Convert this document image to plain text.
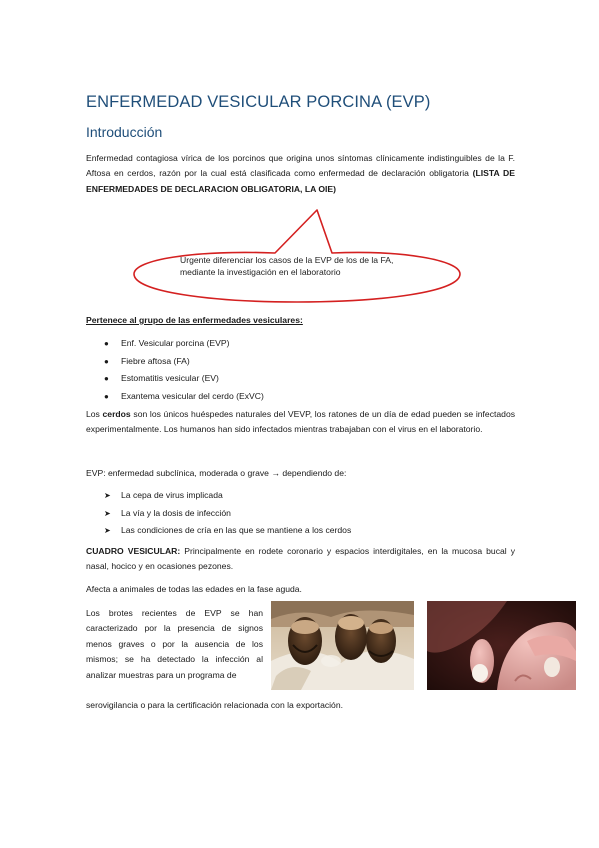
ENFERMEDAD VESICULAR PORCINA (EVP)
Introducción
Enfermedad contagiosa vírica de los porcinos que origina unos síntomas clínicamente indistinguibles de la F. Aftosa en cerdos, razón por la cual está clasificada como enfermedad de declaración obligatoria (LISTA DE ENFERMEDADES DE DECLARACION OBLIGATORIA, LA OIE)
Urgente diferenciar los casos de la EVP de los de la FA, mediante la investigación en el laboratorio
Pertenece al grupo de las enfermedades vesiculares:
● Enf. Vesicular porcina (EVP)
● Fiebre aftosa (FA)
● Estomatitis vesicular (EV)
● Exantema vesicular del cerdo (ExVC)
Los cerdos son los únicos huéspedes naturales del VEVP, los ratones de un día de edad pueden se infectados experimentalmente. Los humanos han sido infectados mientras trabajaban con el virus en el laboratorio.
EVP: enfermedad subclínica, moderada o grave → dependiendo de:
➤ La cepa de virus implicada
➤ La vía y la dosis de infección
➤ Las condiciones de cría en las que se mantiene a los cerdos
CUADRO VESICULAR: Principalmente en rodete coronario y espacios interdigitales, en la mucosa bucal y nasal, hocico y en ocasiones pezones.
Afecta a animales de todas las edades en la fase aguda.
Los brotes recientes de EVP se han caracterizado por la presencia de signos menos graves o por la ausencia de los mismos; se ha detectado la infección al analizar muestras para un programa de
serovigilancia o para la certificación relacionada con la exportación.
